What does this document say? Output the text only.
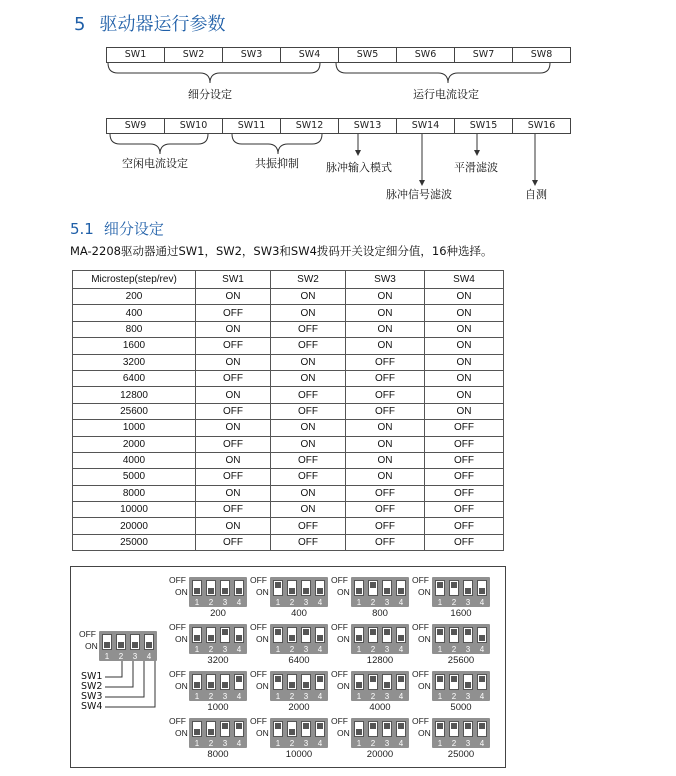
5 驱动器运行参数
SW1	SW2	SW3	SW4	SW5	SW6	SW7	SW8
SW9	SW10	SW11	SW12	SW13	SW14	SW15	SW16
细分设定	运行电流设定
空闲电流设定	共振抑制 脉冲输入模式
脉冲信号滤波
平滑滤波
自测
5.1 细分设定
MA-2208驱动器通过SW1，SW2，SW3和SW4拨码开关设定细分值，16种选择。
Microstep(step/rev)	SW1	SW2	SW3	SW4
200	ON	ON	ON	ON
400	OFF	ON	ON	ON
800	ON	OFF	ON	ON
1600	OFF	OFF	ON	ON
3200	ON	ON	OFF	ON
6400	OFF	ON	OFF	ON
12800	ON	OFF	OFF	ON
25600	OFF	OFF	OFF	ON
1000	ON	ON	ON	OFF
2000	OFF	ON	ON	OFF
4000	ON	OFF	ON	OFF
5000	OFF	OFF	ON	OFF
8000	ON	ON	OFF	OFF
10000	OFF	ON	OFF	OFF
20000	ON	OFF	OFF	OFF
25000	OFF	OFF	OFF	OFF
OFF
ON
1	2	3	4
SW1
SW2
SW3
SW4
OFF
ON
1	2	3	4
200
OFF
ON
1	2	3	4
400
OFF
ON
1	2	3	4
800
OFF
ON
1	2	3	4
1600
OFF
ON
1	2	3	4
3200
OFF
ON
1	2	3	4
6400
OFF
ON
1	2	3	4
12800
OFF
ON
1	2	3	4
25600
OFF
ON
1	2	3	4
1000
OFF
ON
1	2	3	4
2000
OFF
ON
1	2	3	4
4000
OFF
ON
1	2	3	4
5000
OFF
ON
1	2	3	4
8000
OFF
ON
1	2	3	4
10000
OFF
ON
1	2	3	4
20000
OFF
ON
1	2	3	4
25000
